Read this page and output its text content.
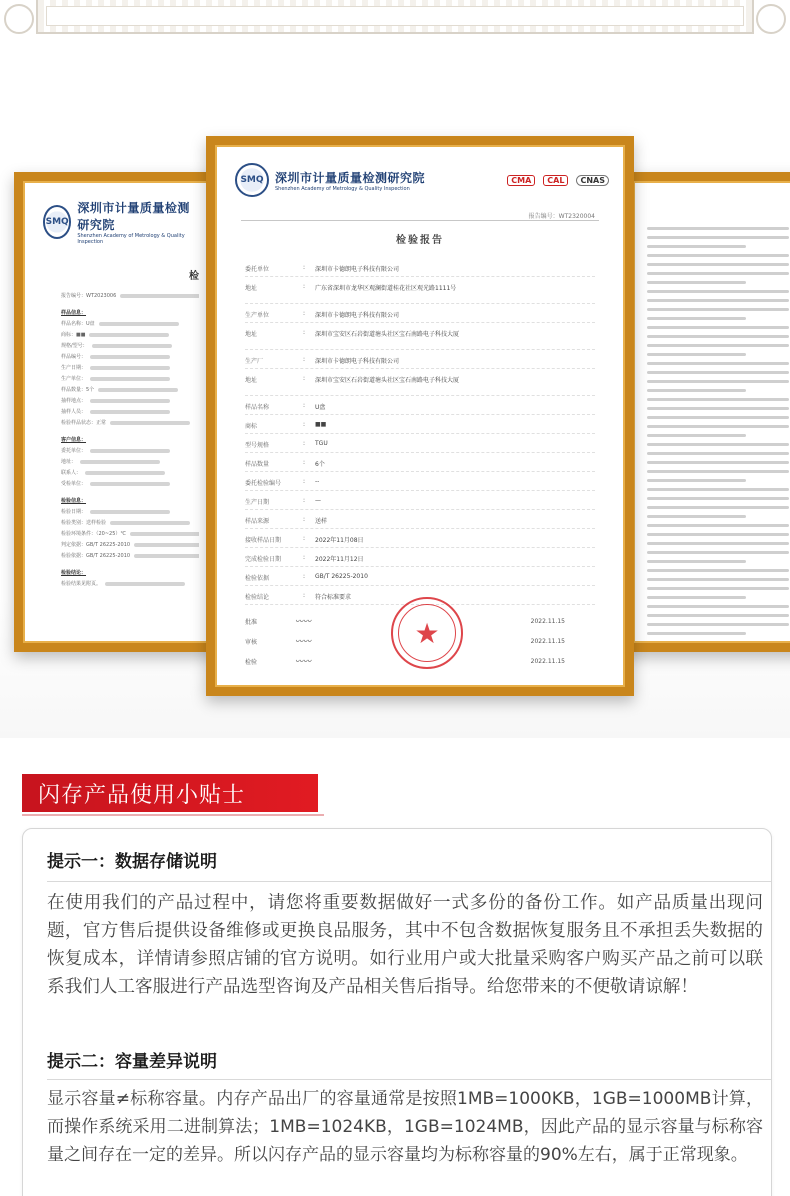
SMQ
深圳市计量质量检测研究院
Shenzhen Academy of Metrology & Quality Inspection
检
报告编号：WT2023006
样品信息：
样品名称：U盘
商标：■■
规格/型号：
样品编号：
生产日期：
生产单位：
样品数量：5个
抽样地点：
抽样人员：
检验样品状态：正常
客户信息：
委托单位：
地址：
联系人：
受检单位：
检验信息：
检验日期：
检验类别：送样检验
检验环境条件：（20~25）℃
判定依据：GB/T 26225-2010
检验依据：GB/T 26225-2010
检验结论：
检验结果见附页。
SMQ 深圳市计量质量检测研究院
Shenzhen Academy of Metrology & Quality Inspection
CMA	CAL	CNAS
报告编号：WT2320004
检验报告
委托单位	:	深圳市卡德朗电子科技有限公司
地址	:	广东省深圳市龙华区观澜街道桂花社区观光路1111号
生产单位	:	深圳市卡德朗电子科技有限公司
地址	:	深圳市宝安区石岩街道塘头社区宝石南路电子科技大厦
生产厂	:	深圳市卡德朗电子科技有限公司
地址	:	深圳市宝安区石岩街道塘头社区宝石南路电子科技大厦
样品名称	:	U盘
商标	:	■■
型号规格	:	TGU
样品数量	:	6个
委托检验编号	:	--
生产日期	:	—
样品来源	:	送样
接收样品日期	:	2022年11月08日
完成检验日期	:	2022年11月12日
检验依据	:	GB/T 26225-2010
检验结论	:	符合标准要求
★
批准	〰〰	2022.11.15
审核	〰〰	2022.11.15
检验	〰〰	2022.11.15
闪存产品使用小贴士
提示一：数据存储说明
在使用我们的产品过程中，请您将重要数据做好一式多份的备份工作。如产品质量出现问题，官方售后提供设备维修或更换良品服务，其中不包含数据恢复服务且不承担丢失数据的恢复成本，详情请参照店铺的官方说明。如行业用户或大批量采购客户购买产品之前可以联系我们人工客服进行产品选型咨询及产品相关售后指导。给您带来的不便敬请谅解！
提示二：容量差异说明
显示容量≠标称容量。内存产品出厂的容量通常是按照1MB=1000KB，1GB=1000MB计算，而操作系统采用二进制算法；1MB=1024KB，1GB=1024MB，因此产品的显示容量与标称容量之间存在一定的差异。所以闪存产品的显示容量均为标称容量的90%左右，属于正常现象。
